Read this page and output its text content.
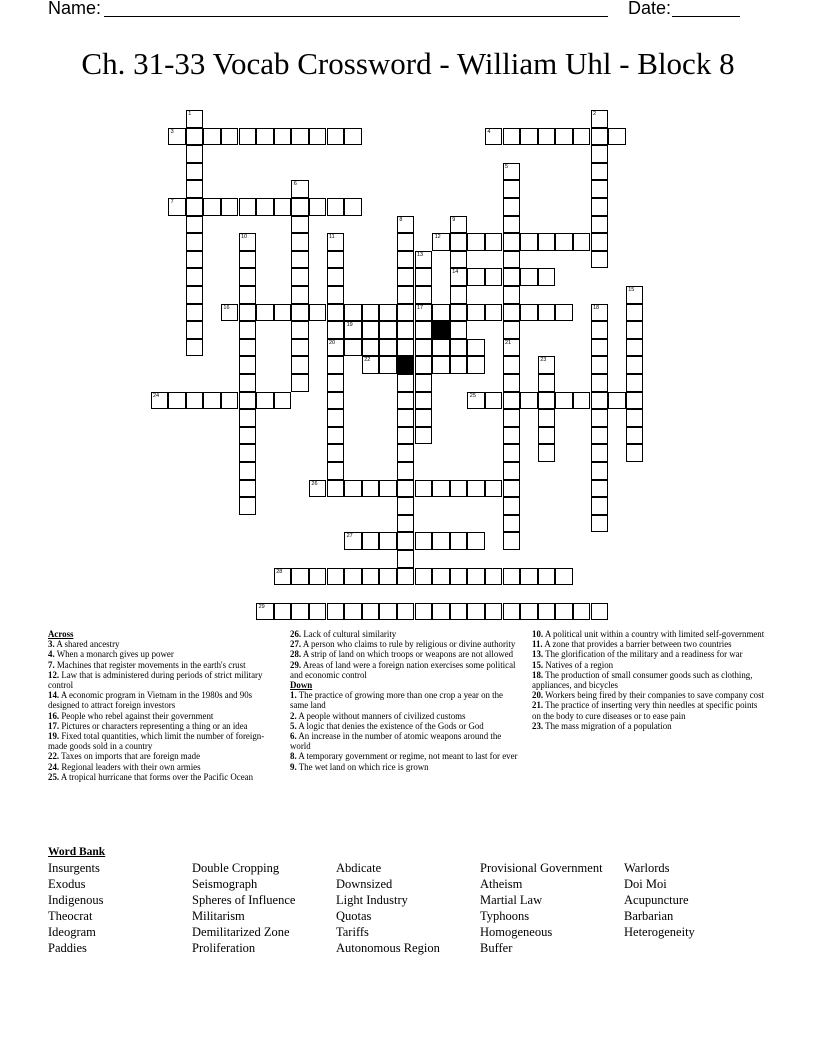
Name:	Date:
Ch. 31-33 Vocab Crossword - William Uhl - Block 8
1	2
3	4
5
21
6
7
8	9
14
10	11
20
12
13
17
15
16	18
19
22	23
24	25
26
27
28
29
Across
3. A shared ancestry
4. When a monarch gives up power
7. Machines that register movements in the earth's crust
12. Law that is administered during periods of strict military control
14. A economic program in Vietnam in the 1980s and 90s designed to attract foreign investors
16. People who rebel against their government
17. Pictures or characters representing a thing or an idea
19. Fixed total quantities, which limit the number of foreign-made goods sold in a country
22. Taxes on imports that are foreign made
24. Regional leaders with their own armies
25. A tropical hurricane that forms over the Pacific Ocean
26. Lack of cultural similarity
27. A person who claims to rule by religious or divine authority
28. A strip of land on which troops or weapons are not allowed
29. Areas of land were a foreign nation exercises some political and economic control
Down
1. The practice of growing more than one crop a year on the same land
2. A people without manners of civilized customs
5. A logic that denies the existence of the Gods or God
6. An increase in the number of atomic weapons around the world
8. A temporary government or regime, not meant to last for ever
9. The wet land on which rice is grown
10. A political unit within a country with limited self-government
11. A zone that provides a barrier between two countries
13. The glorification of the military and a readiness for war
15. Natives of a region
18. The production of small consumer goods such as clothing, appliances, and bicycles
20. Workers being fired by their companies to save company cost
21. The practice of inserting very thin needles at specific points on the body to cure diseases or to ease pain
23. The mass migration of a population
Word Bank
Insurgents
Exodus
Indigenous
Theocrat
Ideogram
Paddies
Double Cropping
Seismograph
Spheres of Influence
Militarism
Demilitarized Zone
Proliferation
Abdicate
Downsized
Light Industry
Quotas
Tariffs
Autonomous Region
Provisional Government
Atheism
Martial Law
Typhoons
Homogeneous
Buffer
Warlords
Doi Moi
Acupuncture
Barbarian
Heterogeneity
